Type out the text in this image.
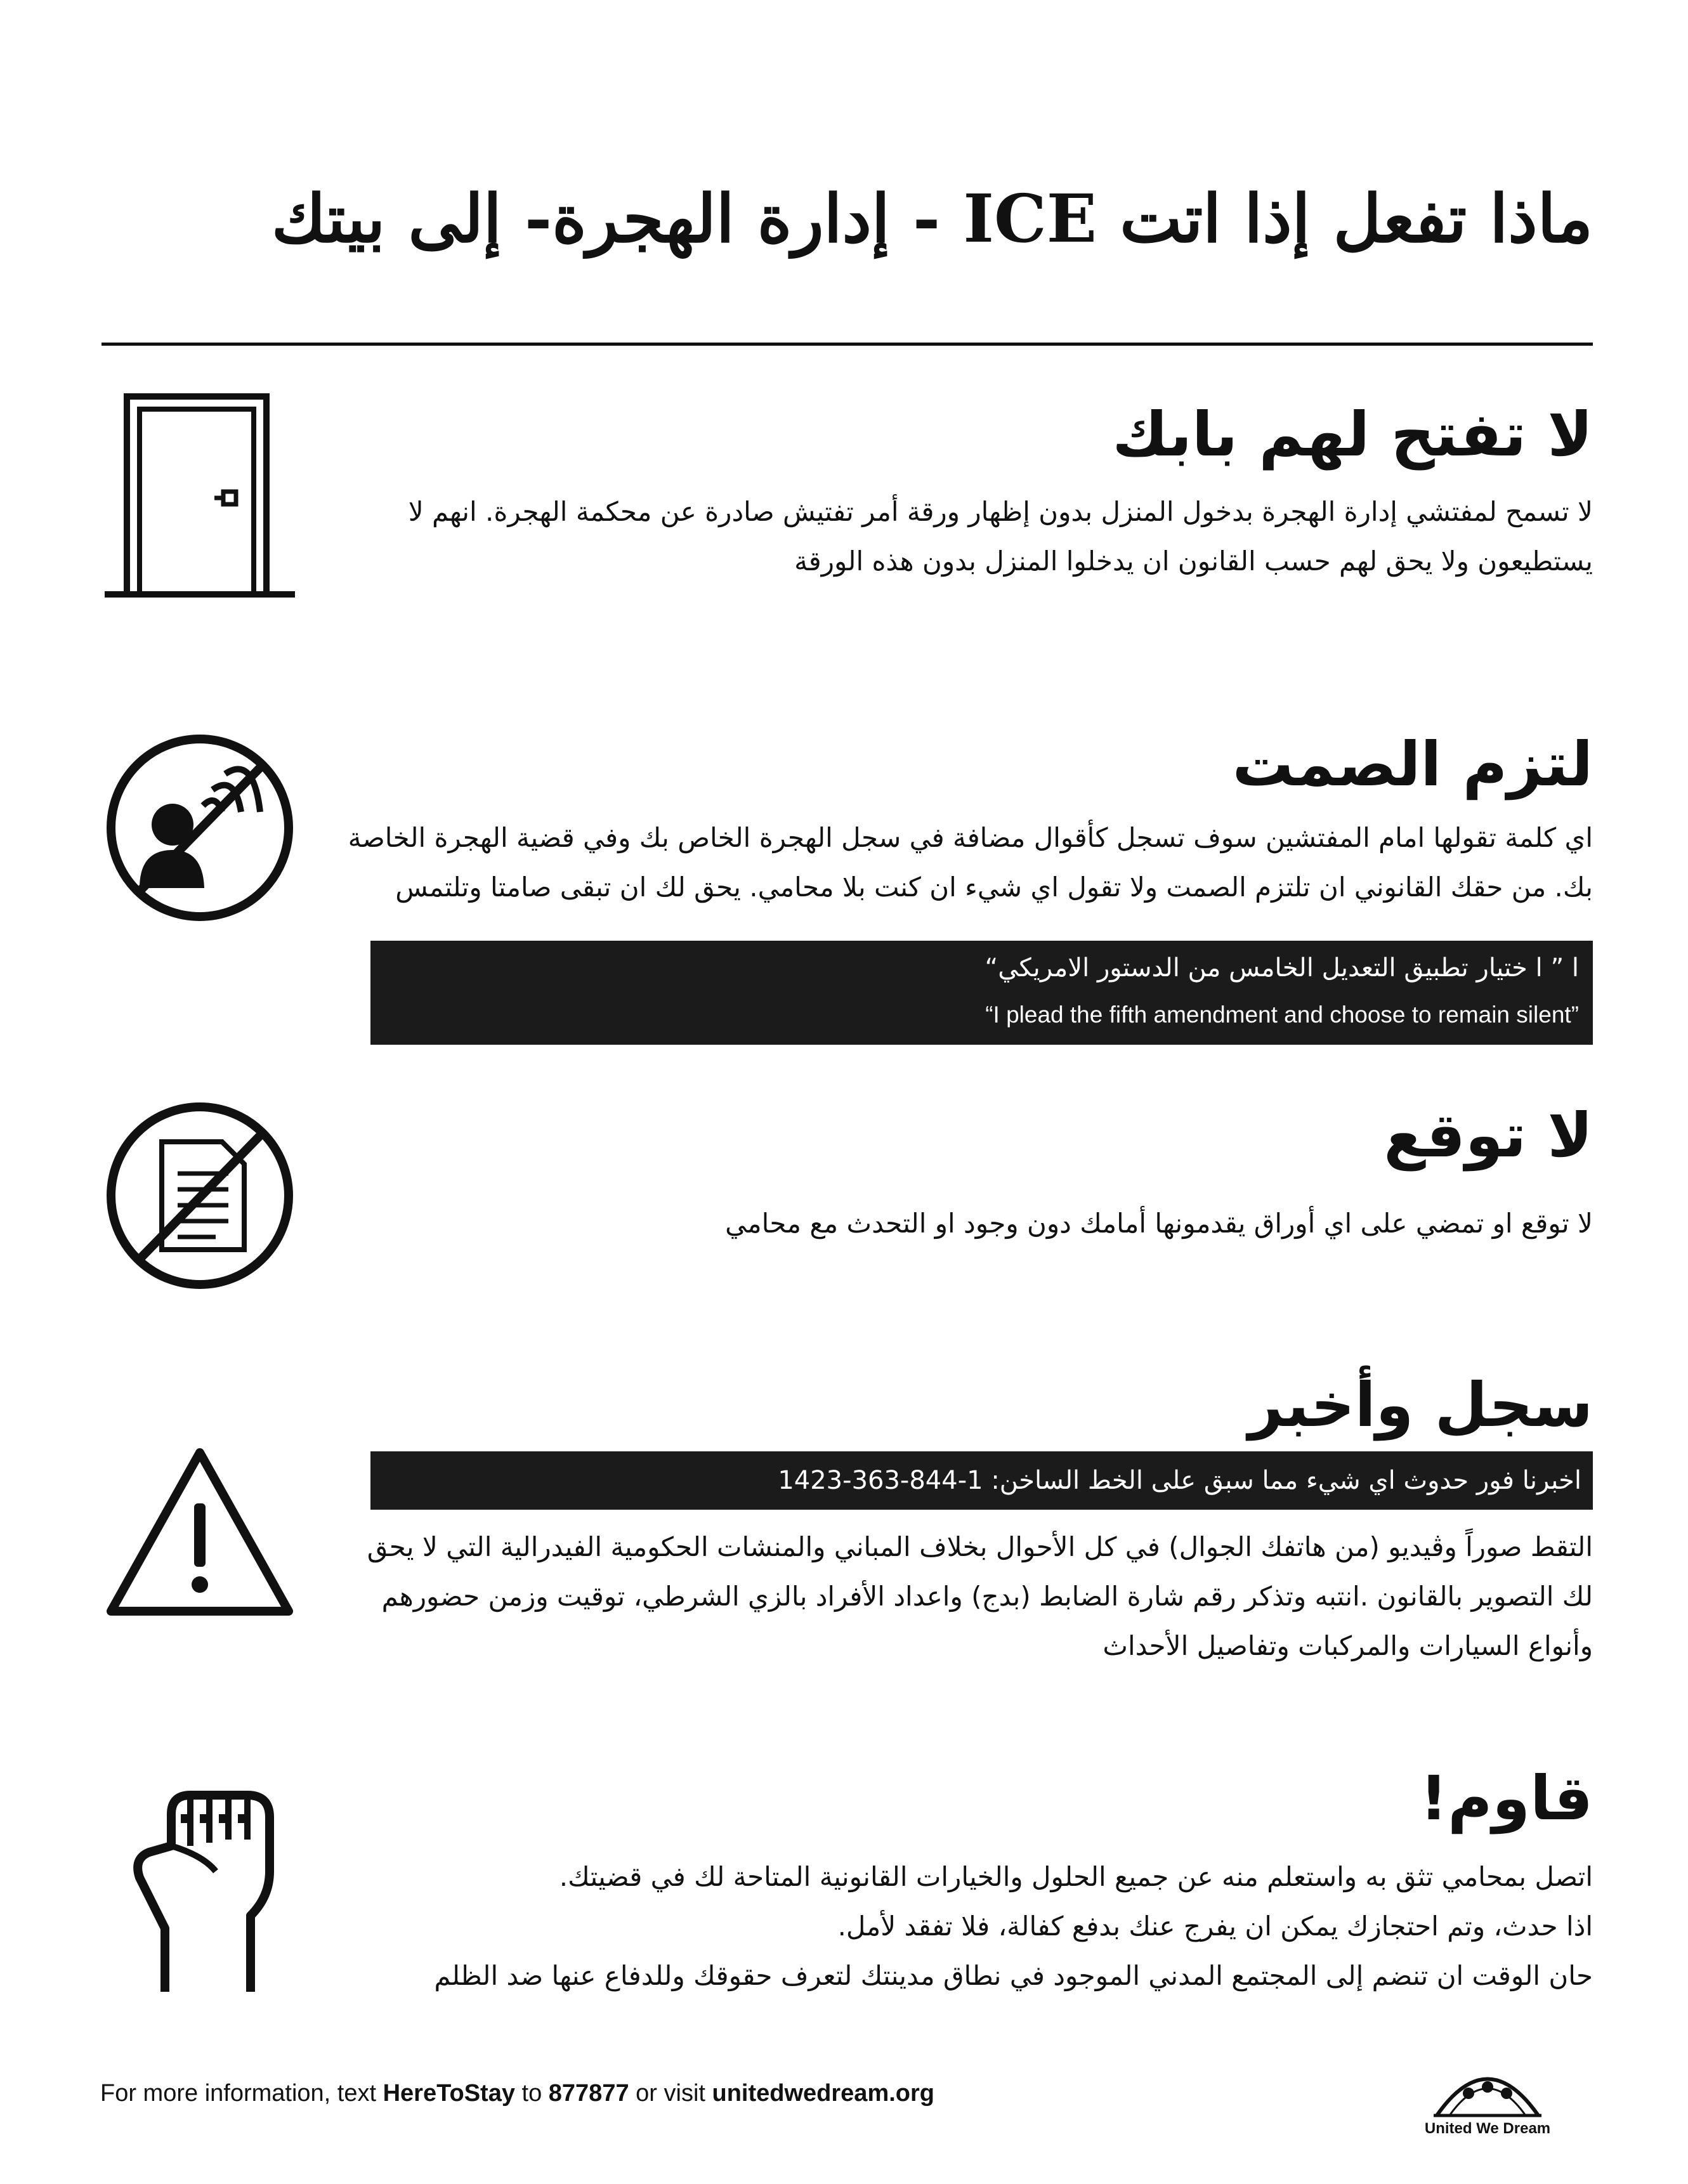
ماذا تفعل إذا اتت ICE - إدارة الهجرة- إلى بيتك
لا تفتح لهم بابك
لا تسمح لمفتشي إدارة الهجرة بدخول المنزل بدون إظهار ورقة أمر تفتيش صادرة عن محكمة الهجرة. انهم لا
يستطيعون ولا يحق لهم حسب القانون ان يدخلوا المنزل بدون هذه الورقة
لتزم الصمت
اي كلمة تقولها امام المفتشين سوف تسجل كأقوال مضافة في سجل الهجرة الخاص بك وفي قضية الهجرة الخاصة
بك. من حقك القانوني ان تلتزم الصمت ولا تقول اي شيء ان كنت بلا محامي. يحق لك ان تبقى صامتا وتلتمس
ا ” ا ختيار تطبيق التعديل الخامس من الدستور الامريكي“
“I plead the fifth amendment and choose to remain silent”
لا توقع
لا توقع او تمضي على اي أوراق يقدمونها أمامك دون وجود او التحدث مع محامي
سجل وأخبر
اخبرنا فور حدوث اي شيء مما سبق على الخط الساخن: 1-844-363-1423
التقط صوراً وڤيديو (من هاتفك الجوال) في كل الأحوال بخلاف المباني والمنشات الحكومية الفيدرالية التي لا يحق
لك التصوير بالقانون .انتبه وتذكر رقم شارة الضابط (بدج) واعداد الأفراد بالزي الشرطي، توقيت وزمن حضورهم
وأنواع السيارات والمركبات وتفاصيل الأحداث
قاوم!
اتصل بمحامي تثق به واستعلم منه عن جميع الحلول والخيارات القانونية المتاحة لك في قضيتك.
اذا حدث، وتم احتجازك يمكن ان يفرج عنك بدفع كفالة، فلا تفقد لأمل.
حان الوقت ان تنضم إلى المجتمع المدني الموجود في نطاق مدينتك لتعرف حقوقك وللدفاع عنها ضد الظلم
For more information, text HereToStay to 877877 or visit unitedwedream.org
United We Dream
